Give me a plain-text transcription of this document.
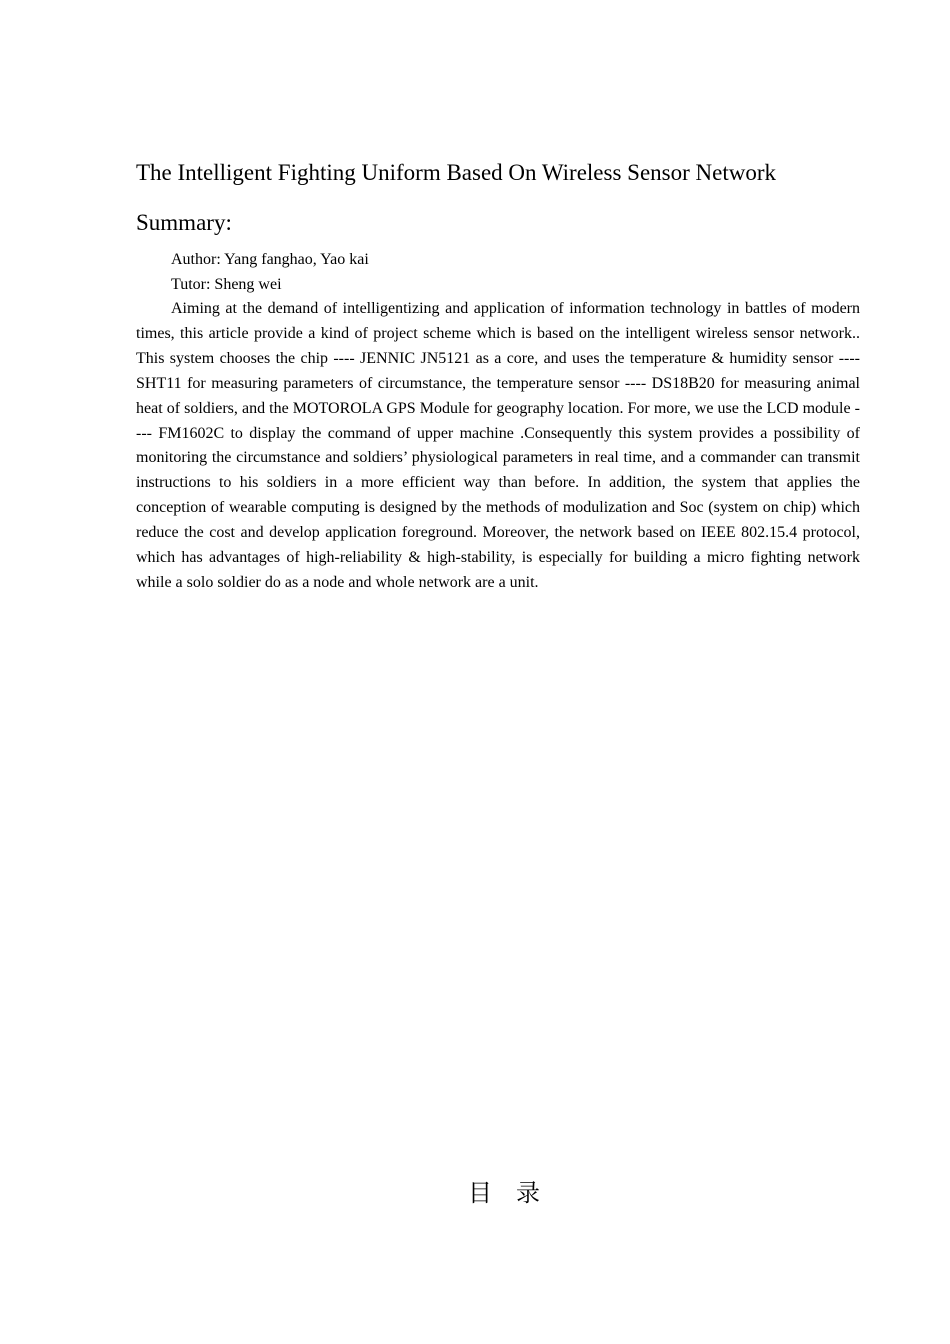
The Intelligent Fighting Uniform Based On Wireless Sensor Network
Summary:

Author: Yang fanghao, Yao kai

Tutor: Sheng wei

Aiming at the demand of intelligentizing and application of information technology in battles of modern times, this article provide a kind of project scheme which is based on the intelligent wireless sensor network.. This system chooses the chip ---- JENNIC JN5121 as a core, and uses the temperature & humidity sensor ---- SHT11 for measuring parameters of circumstance, the temperature sensor ---- DS18B20 for measuring animal heat of soldiers, and the MOTOROLA GPS Module for geography location. For more, we use the LCD module ---- FM1602C to display the command of upper machine .Consequently this system provides a possibility of monitoring the circumstance and soldiers’ physiological parameters in real time, and a commander can transmit instructions to his soldiers in a more efficient way than before. In addition, the system that applies the conception of wearable computing is designed by the methods of modulization and Soc (system on chip) which reduce the cost and develop application foreground. Moreover, the network based on IEEE 802.15.4 protocol, which has advantages of high-reliability & high-stability, is especially for building a micro fighting network while a solo soldier do as a node and whole network are a unit.

目录
